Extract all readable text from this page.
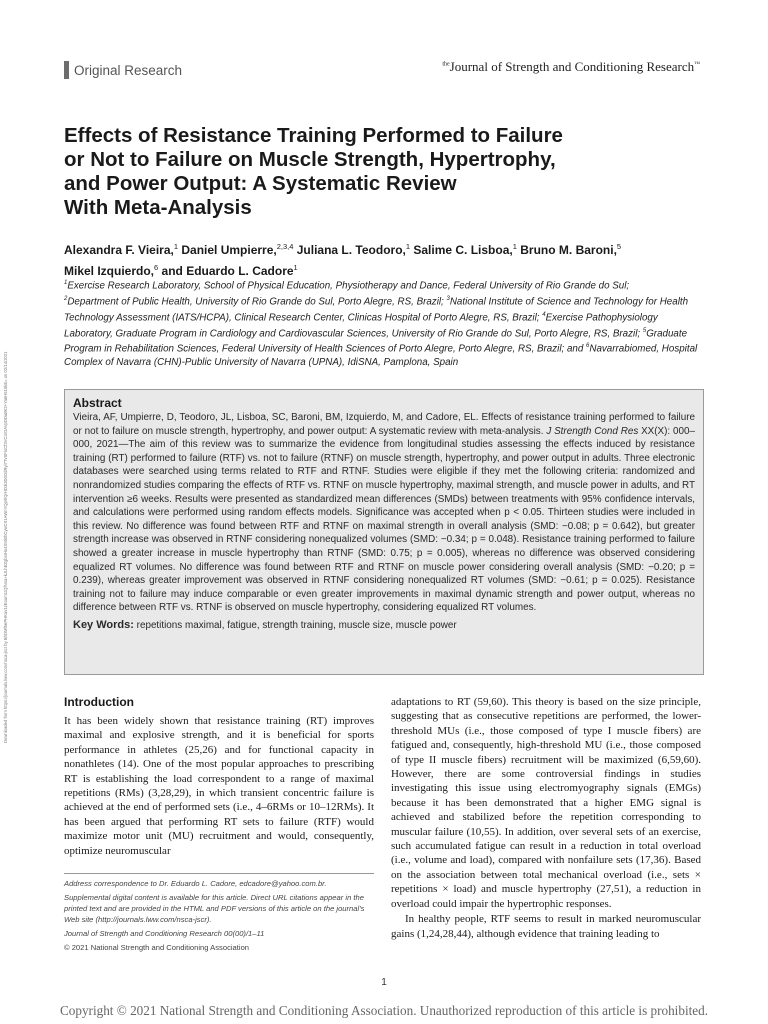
Downloaded from https://journals.lww.com/nsca-jscr by BhDMf5ePHKav1zEoum1tQfN4a+kJLhEZgbsIHo4XMi0hCywCX1AWnYQp/IlQrHD3i3D0OdRyi7TvSFl4Cf3VC4/OAVpDDa8K2+Ya6H515kE= on 02/14/2021
Original Research	$^{the}$Journal of Strength and Conditioning Research™
Effects of Resistance Training Performed to Failure
or Not to Failure on Muscle Strength, Hypertrophy,
and Power Output: A Systematic Review
With Meta-Analysis
Alexandra F. Vieira,$^1$ Daniel Umpierre,$^{2,3,4}$ Juliana L. Teodoro,$^1$ Salime C. Lisboa,$^1$ Bruno M. Baroni,$^5$
Mikel Izquierdo,$^6$ and Eduardo L. Cadore$^1$
$^1$Exercise Research Laboratory, School of Physical Education, Physiotherapy and Dance, Federal University of Rio Grande do Sul;
$^2$Department of Public Health, University of Rio Grande do Sul, Porto Alegre, RS, Brazil; $^3$National Institute of Science and Technology for Health Technology Assessment (IATS/HCPA), Clinical Research Center, Clinicas Hospital of Porto Alegre, RS, Brazil; $^4$Exercise Pathophysiology Laboratory, Graduate Program in Cardiology and Cardiovascular Sciences, University of Rio Grande do Sul, Porto Alegre, RS, Brazil; $^5$Graduate Program in Rehabilitation Sciences, Federal University of Health Sciences of Porto Alegre, Porto Alegre, RS, Brazil; and $^6$Navarrabiomed, Hospital Complex of Navarra (CHN)-Public University of Navarra (UPNA), IdiSNA, Pamplona, Spain
Abstract

Vieira, AF, Umpierre, D, Teodoro, JL, Lisboa, SC, Baroni, BM, Izquierdo, M, and Cadore, EL. Effects of resistance training performed to failure or not to failure on muscle strength, hypertrophy, and power output: A systematic review with meta-analysis. J Strength Cond Res XX(X): 000–000, 2021—The aim of this review was to summarize the evidence from longitudinal studies assessing the effects induced by resistance training (RT) performed to failure (RTF) vs. not to failure (RTNF) on muscle strength, hypertrophy, and power output in adults. Three electronic databases were searched using terms related to RTF and RTNF. Studies were eligible if they met the following criteria: randomized and nonrandomized studies comparing the effects of RTF vs. RTNF on muscle hypertrophy, maximal strength, and muscle power in adults, and RT intervention ≥6 weeks. Results were presented as standardized mean differences (SMDs) between treatments with 95% confidence intervals, and calculations were performed using random effects models. Significance was accepted when p < 0.05. Thirteen studies were included in this review. No difference was found between RTF and RTNF on maximal strength in overall analysis (SMD: −0.08; p = 0.642), but greater strength increase was observed in RTNF considering nonequalized volumes (SMD: −0.34; p = 0.048). Resistance training performed to failure showed a greater increase in muscle hypertrophy than RTNF (SMD: 0.75; p = 0.005), whereas no difference was observed considering equalized RT volumes. No difference was found between RTF and RTNF on muscle power considering overall analysis (SMD: −0.20; p = 0.239), whereas greater improvement was observed in RTNF considering nonequalized RT volumes (SMD: −0.61; p = 0.025). Resistance training not to failure may induce comparable or even greater improvements in maximal dynamic strength and power output, whereas no difference between RTF vs. RTNF is observed on muscle hypertrophy, considering equalized RT volumes.

Key Words: repetitions maximal, fatigue, strength training, muscle size, muscle power
Introduction

It has been widely shown that resistance training (RT) improves maximal and explosive strength, and it is beneficial for sports performance in athletes (25,26) and for functional capacity in nonathletes (14). One of the most popular approaches to prescribing RT is establishing the load correspondent to a range of maximal repetitions (RMs) (3,28,29), in which transient concentric failure is achieved at the end of performed sets (i.e., 4–6RMs or 10–12RMs). It has been argued that performing RT sets to failure (RTF) would maximize motor unit (MU) recruitment and would, consequently, optimize neuromuscular

adaptations to RT (59,60). This theory is based on the size principle, suggesting that as consecutive repetitions are performed, the lower-threshold MUs (i.e., those composed of type I muscle fibers) are fatigued and, consequently, high-threshold MU (i.e., those composed of type II muscle fibers) recruitment will be maximized (6,59,60). However, there are some controversial findings in studies investigating this issue using electromyography signals (EMGs) because it has been demonstrated that a higher EMG signal is achieved and stabilized before the repetition corresponding to muscular failure (10,55). In addition, over several sets of an exercise, such accumulated fatigue can result in a reduction in total overload (i.e., volume and load), compared with nonfailure sets (17,36). Based on the association between total mechanical overload (i.e., sets × repetitions × load) and muscle hypertrophy (27,51), a reduction in overload could impair the hypertrophic responses.

In healthy people, RTF seems to result in marked neuromuscular gains (1,24,28,44), although evidence that training leading to

Address correspondence to Dr. Eduardo L. Cadore, edcadore@yahoo.com.br.
Supplemental digital content is available for this article. Direct URL citations appear in the printed text and are provided in the HTML and PDF versions of this article on the journal's Web site (http://journals.lww.com/nsca-jscr).
Journal of Strength and Conditioning Research 00(00)/1–11
© 2021 National Strength and Conditioning Association
1
Copyright © 2021 National Strength and Conditioning Association. Unauthorized reproduction of this article is prohibited.
